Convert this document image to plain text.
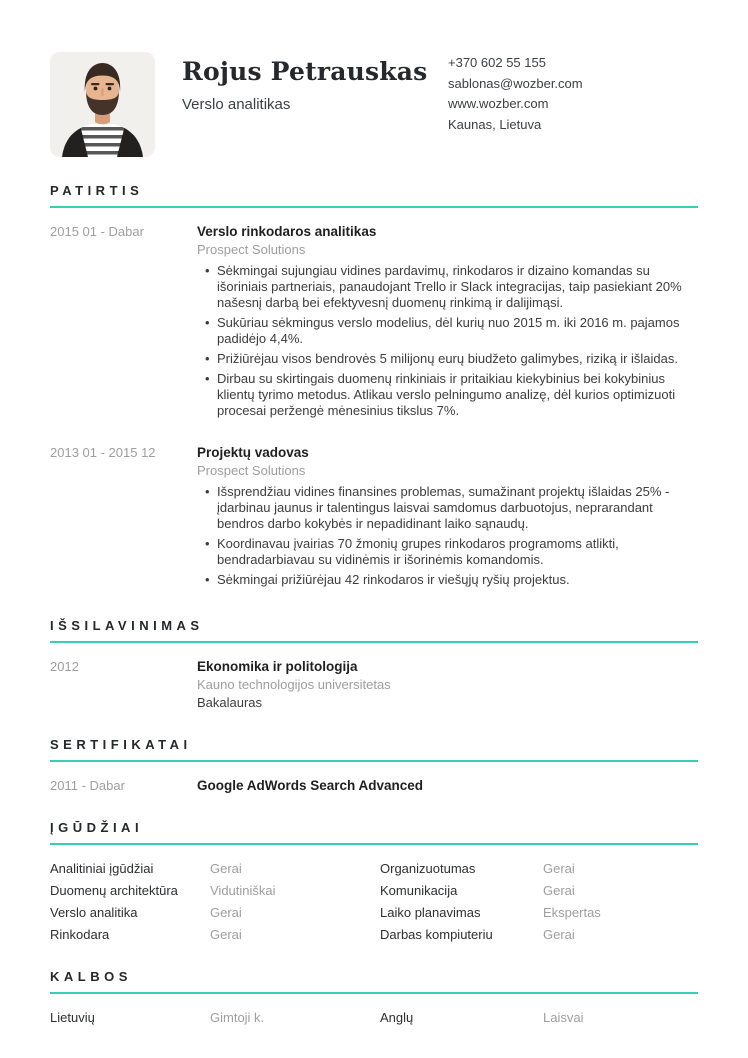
Rojus Petrauskas
Verslo analitikas
+370 602 55 155
sablonas@wozber.com
www.wozber.com
Kaunas, Lietuva
PATIRTIS
2015 01 - Dabar	Verslo rinkodaros analitikas
Prospect Solutions
• Sėkmingai sujungiau vidines pardavimų, rinkodaros ir dizaino komandas su išoriniais partneriais, panaudojant Trello ir Slack integracijas, taip pasiekiant 20% našesnį darbą bei efektyvesnį duomenų rinkimą ir dalijimąsi.
• Sukūriau sėkmingus verslo modelius, dėl kurių nuo 2015 m. iki 2016 m. pajamos padidėjo 4,4%.
• Prižiūrėjau visos bendrovės 5 milijonų eurų biudžeto galimybes, riziką ir išlaidas.
• Dirbau su skirtingais duomenų rinkiniais ir pritaikiau kiekybinius bei kokybinius klientų tyrimo metodus. Atlikau verslo pelningumo analizę, dėl kurios optimizuoti procesai peržengė mėnesinius tikslus 7%.
2013 01 - 2015 12	Projektų vadovas
Prospect Solutions
• Išsprendžiau vidines finansines problemas, sumažinant projektų išlaidas 25% - įdarbinau jaunus ir talentingus laisvai samdomus darbuotojus, neprarandant bendros darbo kokybės ir nepadidinant laiko sąnaudų.
• Koordinavau įvairias 70 žmonių grupes rinkodaros programoms atlikti, bendradarbiavau su vidinėmis ir išorinėmis komandomis.
• Sėkmingai prižiūrėjau 42 rinkodaros ir viešųjų ryšių projektus.
IŠSILAVINIMAS
2012	Ekonomika ir politologija
Kauno technologijos universitetas
Bakalauras
SERTIFIKATAI
2011 - Dabar	Google AdWords Search Advanced
ĮGŪDŽIAI
Analitiniai įgūdžiai	Gerai	Organizuotumas	Gerai
Duomenų architektūra	Vidutiniškai	Komunikacija	Gerai
Verslo analitika	Gerai	Laiko planavimas	Ekspertas
Rinkodara	Gerai	Darbas kompiuteriu	Gerai
KALBOS
Lietuvių	Gimtoji k.	Anglų	Laisvai
